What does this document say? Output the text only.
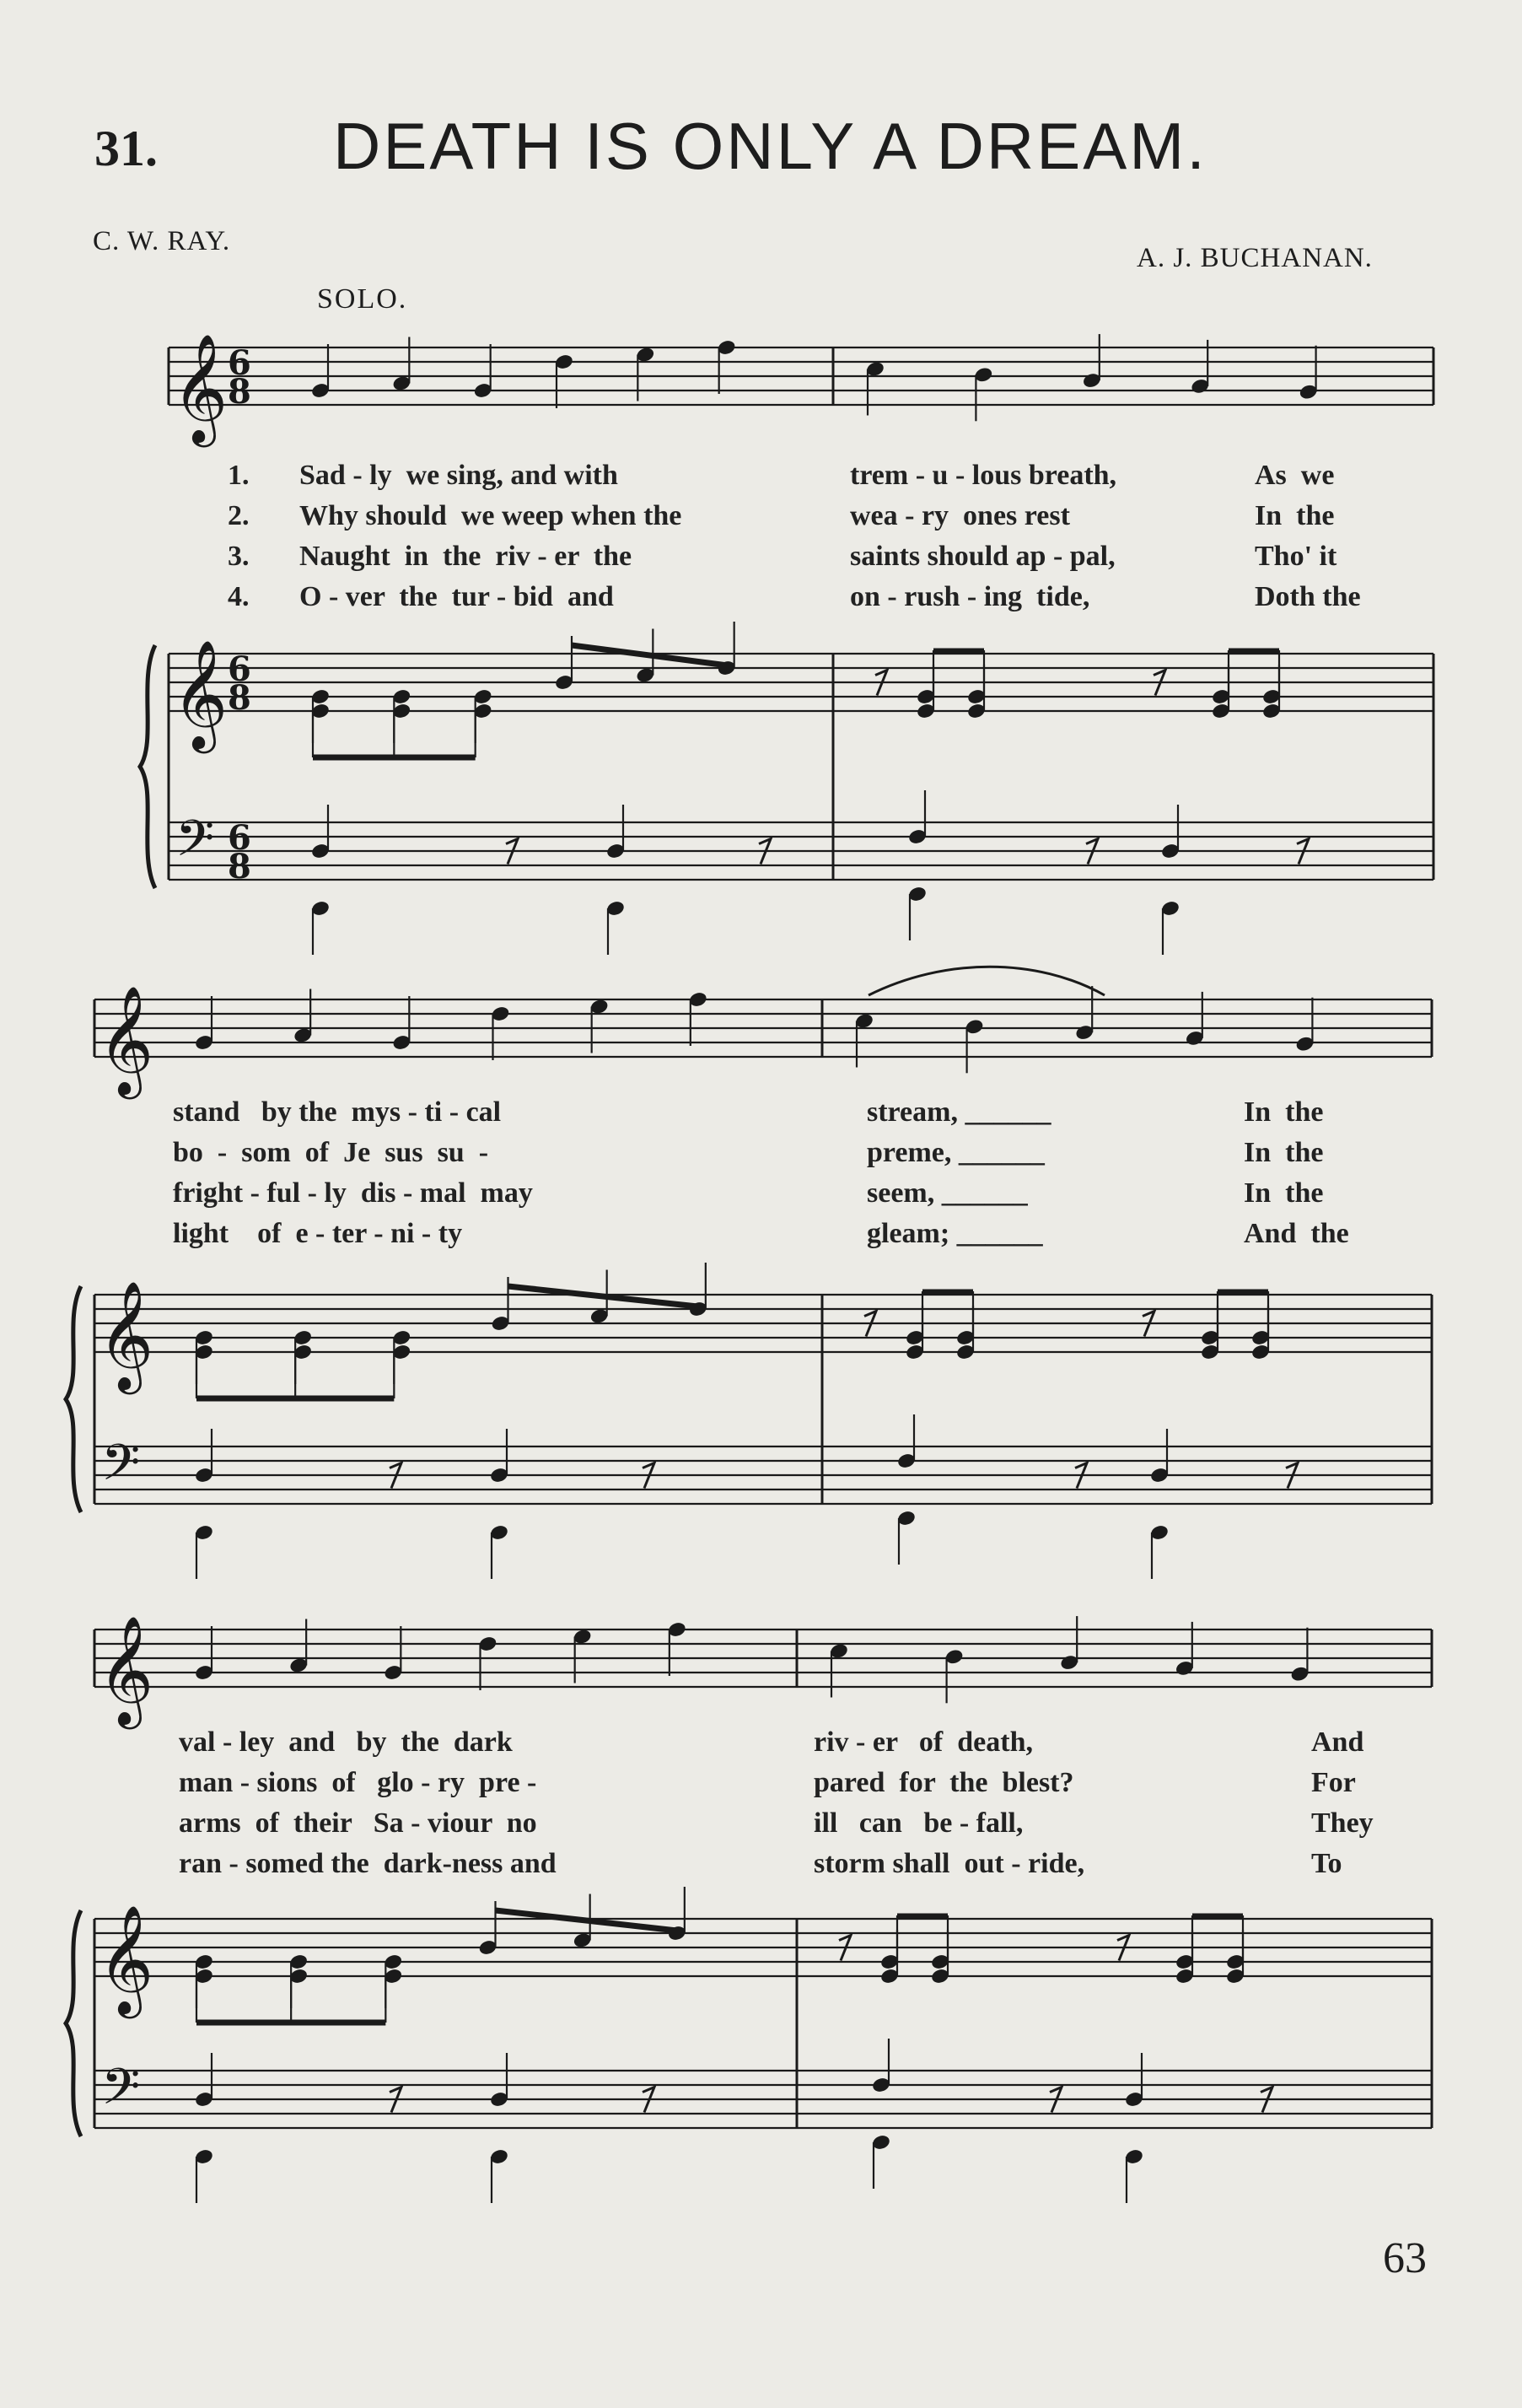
31.	DEATH IS ONLY A DREAM.
C. W. RAY.
A. J. BUCHANAN.
SOLO.
𝄞
𝄞
𝄢
6
8
6
8
6
8
𝄞
𝄞
𝄢
𝄞
𝄞
𝄢
1. Sad - ly  we sing, and with	trem - u - lous breath,	As  we
2. Why should  we weep when the	wea - ry  ones rest	In  the
3. Naught  in  the  riv - er  the	saints should ap - pal,	Tho' it
4. O - ver  the  tur - bid  and	on - rush - ing  tide,	Doth the
stand   by the  mys - ti - cal	stream, ______	In  the
bo  -  som  of  Je  sus  su  -	preme, ______	In  the
fright - ful - ly  dis - mal  may	seem, ______	In  the
light    of  e - ter - ni - ty	gleam; ______	And  the
val - ley  and   by  the  dark	riv - er   of  death,	And
man - sions  of   glo - ry  pre -	pared  for  the  blest?	For
arms  of  their   Sa - viour  no	ill   can   be - fall,	They
ran - somed the  dark-ness and	storm shall  out - ride,	To
63
